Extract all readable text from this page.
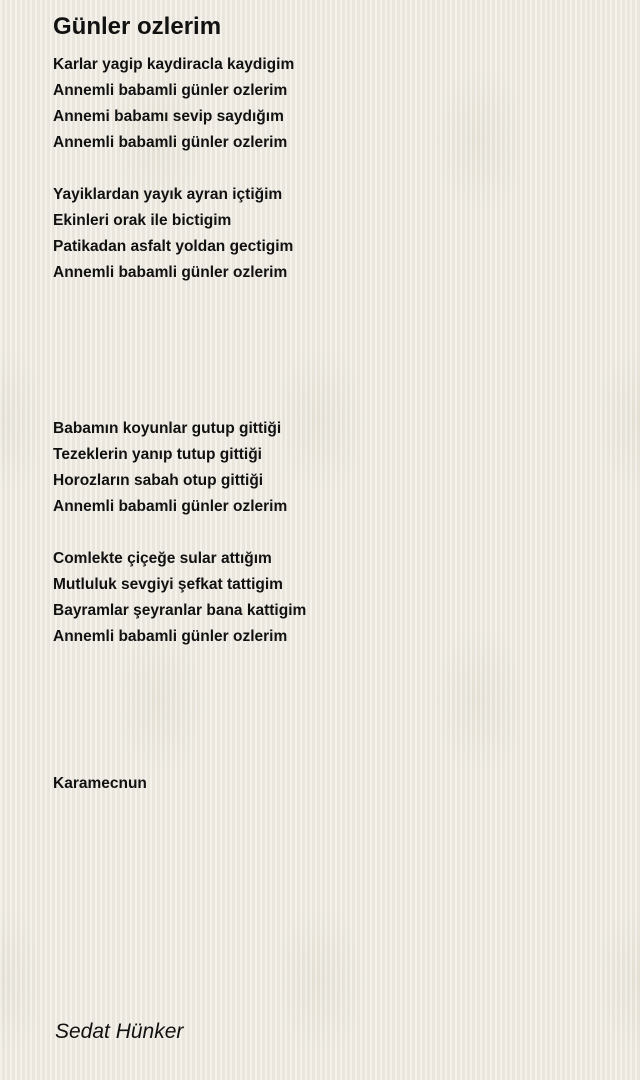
Günler ozlerim
Karlar yagip kaydiracla kaydigim
Annemli babamli günler ozlerim
Annemi babamı sevip saydığım
Annemli babamli günler ozlerim
Yayiklardan yayık ayran içtiğim
Ekinleri orak ile bictigim
Patikadan asfalt yoldan gectigim
Annemli babamli günler ozlerim
Babamın koyunlar gutup gittiği
Tezeklerin yanıp tutup gittiği
Horozların sabah otup gittiği
Annemli babamli günler ozlerim
Comlekte çiçeğe sular attığım
Mutluluk sevgiyi şefkat tattigim
Bayramlar şeyranlar bana kattigim
Annemli babamli günler ozlerim
Karamecnun
Sedat Hünker
